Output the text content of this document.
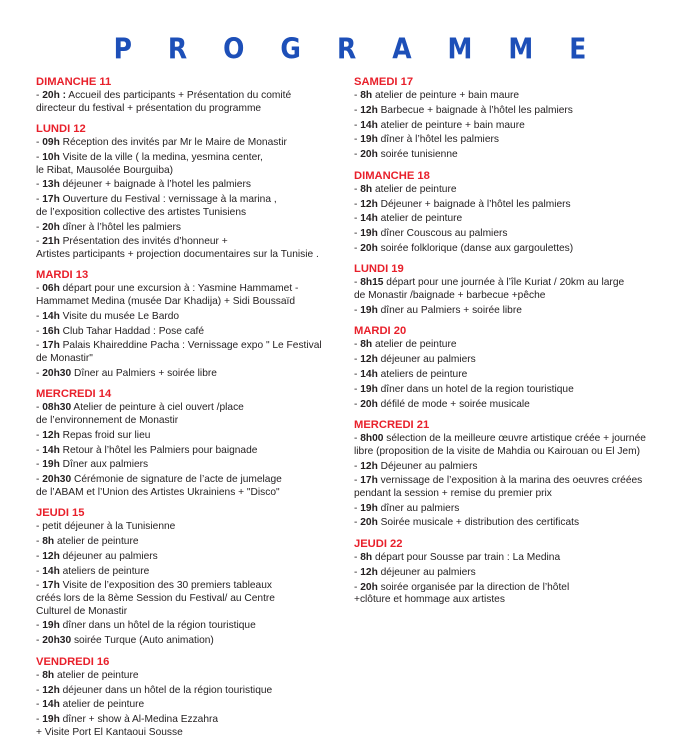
PROGRAMME
DIMANCHE 11
- 20h : Accueil des participants + Présentation du comité
directeur du festival + présentation du programme
LUNDI 12
- 09h Réception des invités par Mr le Maire de Monastir
- 10h Visite de la ville ( la medina, yesmina center,
le Ribat, Mausolée Bourguiba)
- 13h déjeuner + baignade à l’hotel les palmiers
- 17h Ouverture du Festival : vernissage à la marina ,
de l’exposition collective des artistes Tunisiens
- 20h dîner à l’hôtel les palmiers
- 21h Présentation des invités d’honneur +
Artistes participants + projection documentaires sur la Tunisie .
MARDI 13
- 06h départ pour une excursion à : Yasmine Hammamet -
Hammamet Medina (musée Dar Khadija) + Sidi Boussaïd
- 14h Visite du musée Le Bardo
- 16h Club Tahar Haddad : Pose café
- 17h Palais Khaireddine Pacha : Vernissage expo " Le Festival
de Monastir"
- 20h30 Dîner au Palmiers + soirée libre
MERCREDI 14
- 08h30 Atelier de peinture à ciel ouvert /place
de l’environnement de Monastir
- 12h Repas froid sur lieu
- 14h Retour à l’hôtel les Palmiers pour baignade
- 19h Dîner aux palmiers
- 20h30 Cérémonie de signature de l’acte de jumelage
de l’ABAM et l’Union des Artistes Ukrainiens + "Disco"
JEUDI 15
- petit déjeuner à la Tunisienne
- 8h atelier de peinture
- 12h déjeuner au palmiers
- 14h ateliers de peinture
- 17h Visite de l’exposition des 30 premiers tableaux
créés lors de la 8ème Session du Festival/ au Centre
Culturel de Monastir
- 19h dîner dans un hôtel de la région touristique
- 20h30 soirée Turque (Auto animation)
VENDREDI 16
- 8h atelier de peinture
- 12h déjeuner dans un hôtel de la région touristique
- 14h atelier de peinture
- 19h dîner + show à Al-Medina Ezzahra
+ Visite Port El Kantaoui Sousse
SAMEDI 17
- 8h atelier de peinture + bain maure
- 12h Barbecue + baignade à l’hôtel les palmiers
- 14h atelier de peinture + bain maure
- 19h dîner à l’hôtel les palmiers
- 20h soirée tunisienne
DIMANCHE 18
- 8h atelier de peinture
- 12h Déjeuner + baignade à l’hôtel les palmiers
- 14h atelier de peinture
- 19h dîner Couscous au palmiers
- 20h soirée folklorique (danse aux gargoulettes)
LUNDI 19
- 8h15 départ pour une journée à l’île Kuriat / 20km au large
de Monastir /baignade + barbecue +pêche
- 19h dîner au Palmiers + soirée libre
MARDI 20
- 8h atelier de peinture
- 12h déjeuner au palmiers
- 14h ateliers de peinture
- 19h dîner dans un hotel de la region touristique
- 20h défilé de mode + soirée musicale
MERCREDI 21
- 8h00 sélection de la meilleure œuvre artistique créée + journée
libre (proposition de la visite de Mahdia ou Kairouan ou El Jem)
- 12h Déjeuner au palmiers
- 17h vernissage de l’exposition à la marina des oeuvres créées
pendant la session + remise du premier prix
- 19h dîner au palmiers
- 20h Soirée musicale + distribution des certificats
JEUDI 22
- 8h départ pour Sousse par train : La Medina
- 12h déjeuner au palmiers
- 20h soirée organisée par la direction de l’hôtel
+clôture et hommage aux artistes
